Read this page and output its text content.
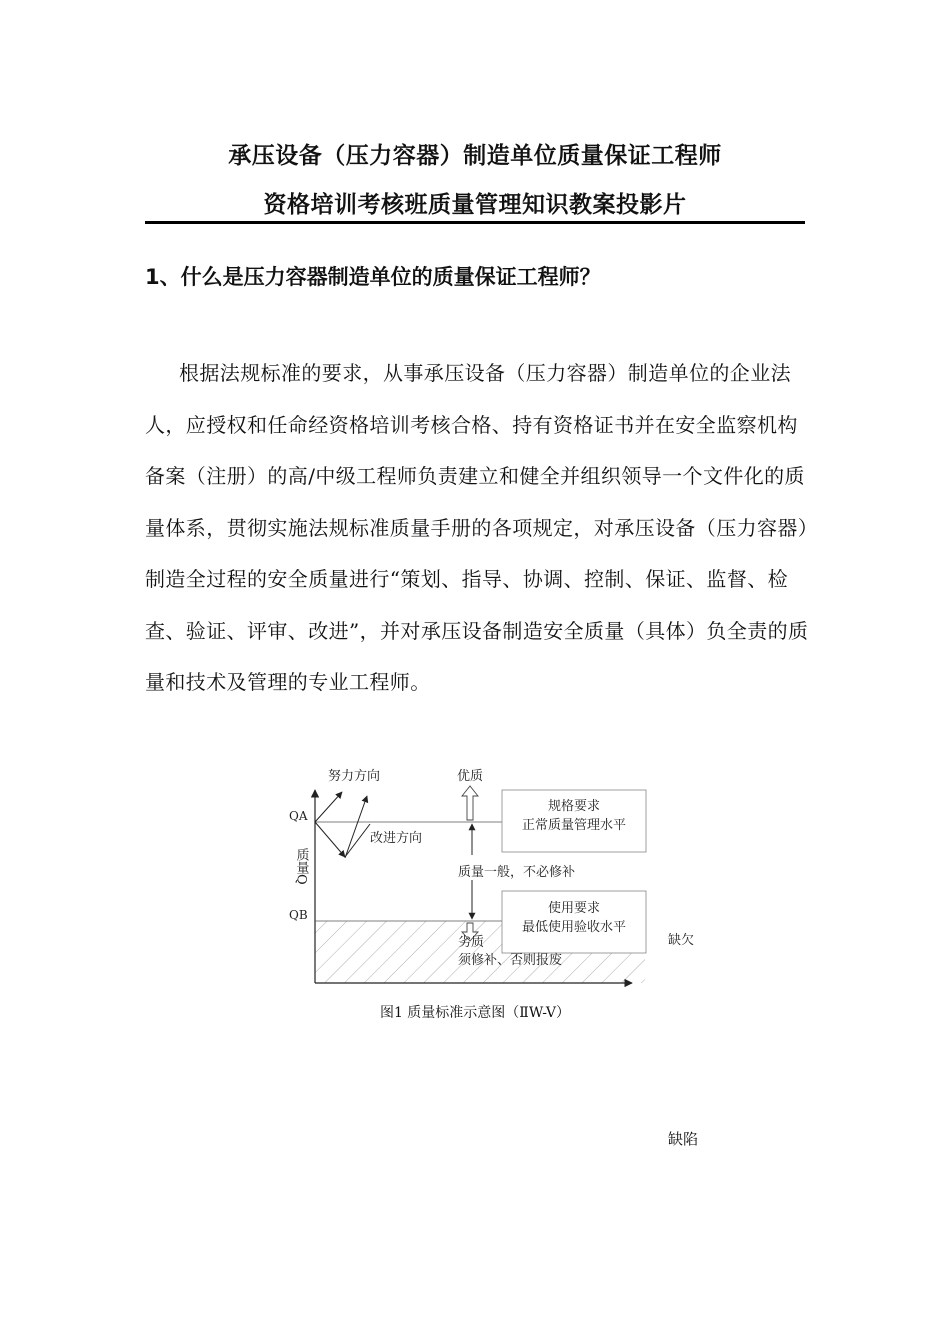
承压设备（压力容器）制造单位质量保证工程师
资格培训考核班质量管理知识教案投影片
1、什么是压力容器制造单位的质量保证工程师？

根据法规标准的要求，从事承压设备（压力容器）制造单位的企业法人，应授权和任命经资格培训考核合格、持有资格证书并在安全监察机构备案（注册）的高/中级工程师负责建立和健全并组织领导一个文件化的质量体系，贯彻实施法规标准质量手册的各项规定，对承压设备（压力容器）制造全过程的安全质量进行“策划、指导、协调、控制、保证、监督、检查、验证、评审、改进”，并对承压设备制造安全质量（具体）负全责的质量和技术及管理的专业工程师。

QA
QB
质量Q
努力方向
改进方向
优质
质量一般，不必修补
规格要求
正常质量管理水平
使用要求
最低使用验收水平
劣质
须修补、否则报废
缺欠
图1 质量标准示意图（ⅡW-V）
缺陷
